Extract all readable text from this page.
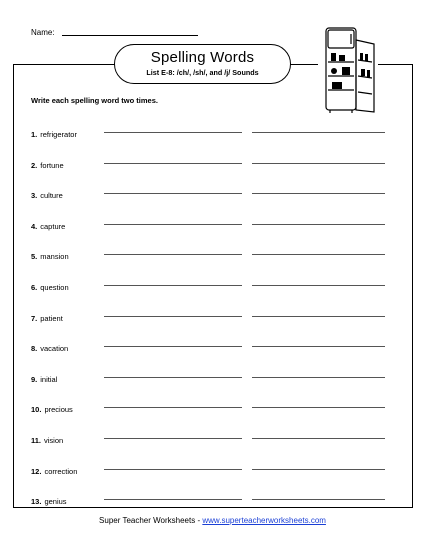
Name:
Spelling Words
List E-8: /ch/, /sh/, and /j/ Sounds
Write each spelling word two times.
1. refrigerator
2. fortune
3. culture
4. capture
5. mansion
6. question
7. patient
8. vacation
9. initial
10. precious
11. vision
12. correction
13. genius
Super Teacher Worksheets - www.superteacherworksheets.com
